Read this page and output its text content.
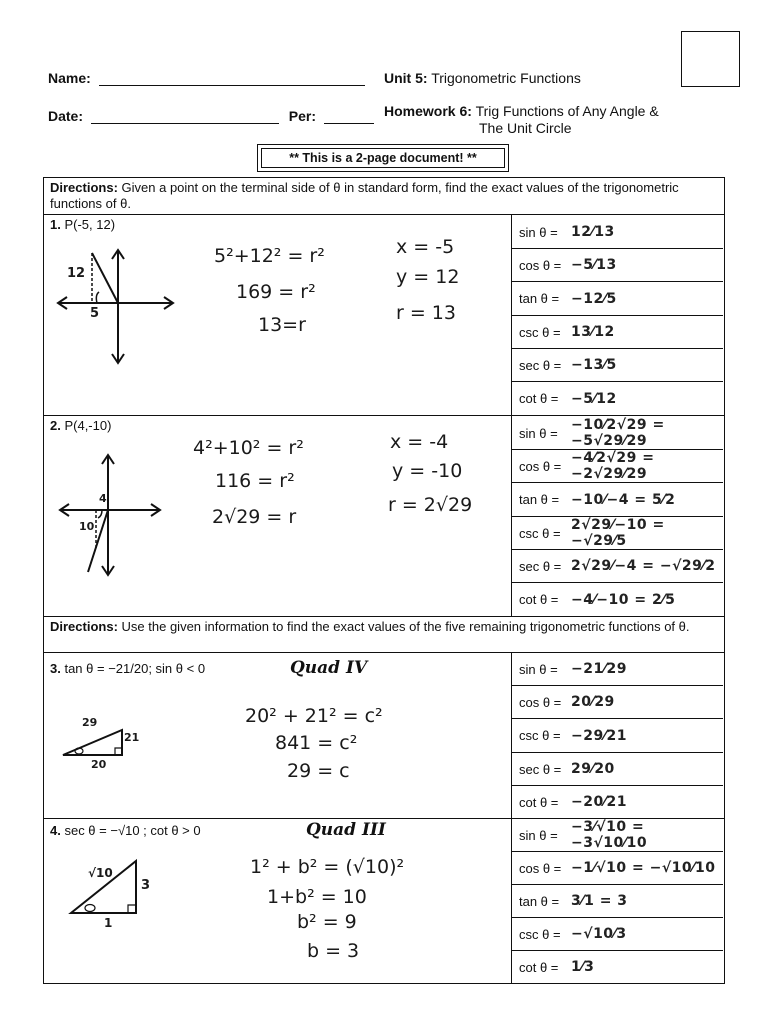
Name:
Date:	Per:
Unit 5: Trigonometric Functions
Homework 6: Trig Functions of Any Angle &
The Unit Circle
** This is a 2-page document! **
Directions: Given a point on the terminal side of θ in standard form, find the exact values of the trigonometric functions of θ.
1. P(-5, 12)
12
5
5²+12² = r²
169 = r²
13=r
x = -5
y = 12
r = 13
sin θ = 12⁄13
cos θ = −5⁄13
tan θ = −12⁄5
csc θ = 13⁄12
sec θ = −13⁄5
cot θ = −5⁄12
2. P(4,-10)
4
10
4²+10² = r²
116 = r²
2√29 = r
x = -4
y = -10
r = 2√29
sin θ = −10⁄2√29 = −5√29⁄29
cos θ = −4⁄2√29 = −2√29⁄29
tan θ = −10⁄−4 = 5⁄2
csc θ = 2√29⁄−10 = −√29⁄5
sec θ = 2√29⁄−4 = −√29⁄2
cot θ = −4⁄−10 = 2⁄5
Directions: Use the given information to find the exact values of the five remaining trigonometric functions of θ.
3. tan θ = −21/20; sin θ < 0	Quad IV
29
21
20
20² + 21² = c²
841 = c²
29 = c
sin θ = −21⁄29
cos θ = 20⁄29
csc θ = −29⁄21
sec θ = 29⁄20
cot θ = −20⁄21
4. sec θ = −√10 ; cot θ > 0	Quad III
√10
3
1
1² + b² = (√10)²
1+b² = 10
b² = 9
b = 3
sin θ = −3⁄√10 = −3√10⁄10
cos θ = −1⁄√10 = −√10⁄10
tan θ = 3⁄1 = 3
csc θ = −√10⁄3
cot θ = 1⁄3
